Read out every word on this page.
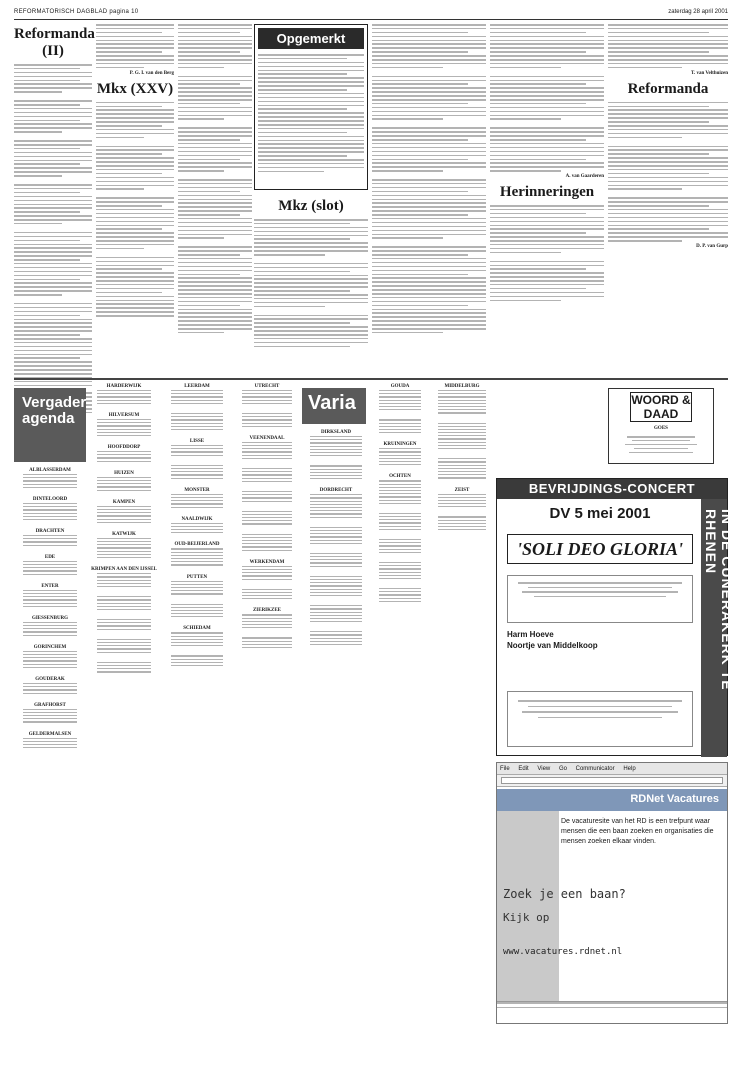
REFORMATORISCH DAGBLAD pagina 10	zaterdag 28 april 2001
Reformanda (II)
P. G. I. van den Berg
Mkx (XXV)
Opgemerkt
Mkz (slot)
A. van Gaarderen
Herinneringen
T. van Velthuizen
Reformanda
D. P. van Gurp
Vergader-agenda
ALBLASSERDAM
DINTELOORD
DRACHTEN
EDE
ENTER
GIESSENBURG
GORINCHEM
GOUDERAK
GRAFHORST
GELDERMALSEN
HARDERWIJK
HILVERSUM
HOOFDDORP
HUIZEN
KAMPEN
KATWIJK
KRIMPEN AAN DEN IJSSEL
LEERDAM
LISSE
MONSTER
NAALDWIJK
OUD-BEIJERLAND
PUTTEN
SCHIEDAM
UTRECHT
VEENENDAAL
WERKENDAM
ZIERIKZEE
Varia
DIRKSLAND
DORDRECHT
GOUDA
KRUININGEN
OCHTEN
MIDDELBURG
ZEIST
WOORD & DAAD
GOES
BEVRIJDINGS-CONCERT
IN DE CUNERAKERK TE RHENEN
DV 5 mei 2001
'SOLI DEO GLORIA'
Harm Hoeve
Noortje van Middelkoop
File Edit View Go Communicator Help
RDNet Vacatures
De vacaturesite van het RD is een trefpunt waar mensen die een baan zoeken en organisaties die mensen zoeken elkaar vinden.
Zoek je een baan?
Kijk op
www.vacatures.rdnet.nl
